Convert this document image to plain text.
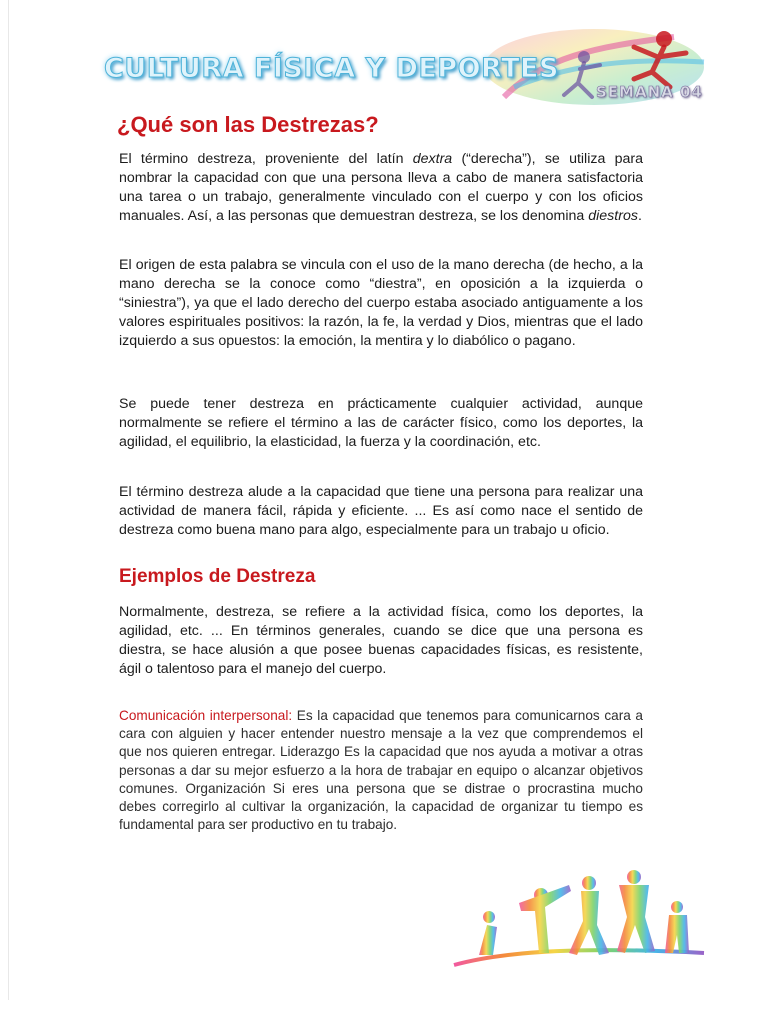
CULTURA FÍSICA Y DEPORTES
SEMANA 04
¿Qué son las Destrezas?

El término destreza, proveniente del latín dextra (“derecha”), se utiliza para nombrar la capacidad con que una persona lleva a cabo de manera satisfactoria una tarea o un trabajo, generalmente vinculado con el cuerpo y con los oficios manuales. Así, a las personas que demuestran destreza, se los denomina diestros.

El origen de esta palabra se vincula con el uso de la mano derecha (de hecho, a la mano derecha se la conoce como “diestra”, en oposición a la izquierda o “siniestra”), ya que el lado derecho del cuerpo estaba asociado antiguamente a los valores espirituales positivos: la razón, la fe, la verdad y Dios, mientras que el lado izquierdo a sus opuestos: la emoción, la mentira y lo diabólico o pagano.

Se puede tener destreza en prácticamente cualquier actividad, aunque normalmente se refiere el término a las de carácter físico, como los deportes, la agilidad, el equilibrio, la elasticidad, la fuerza y la coordinación, etc.

El término destreza alude a la capacidad que tiene una persona para realizar una actividad de manera fácil, rápida y eficiente. ... Es así como nace el sentido de destreza como buena mano para algo, especialmente para un trabajo u oficio.

Ejemplos de Destreza

Normalmente, destreza, se refiere a la actividad física, como los deportes, la agilidad, etc. ... En términos generales, cuando se dice que una persona es diestra, se hace alusión a que posee buenas capacidades físicas, es resistente, ágil o talentoso para el manejo del cuerpo.

Comunicación interpersonal: Es la capacidad que tenemos para comunicarnos cara a cara con alguien y hacer entender nuestro mensaje a la vez que comprendemos el que nos quieren entregar. Liderazgo Es la capacidad que nos ayuda a motivar a otras personas a dar su mejor esfuerzo a la hora de trabajar en equipo o alcanzar objetivos comunes. Organización Si eres una persona que se distrae o procrastina mucho debes corregirlo al cultivar la organización, la capacidad de organizar tu tiempo es fundamental para ser productivo en tu trabajo.
